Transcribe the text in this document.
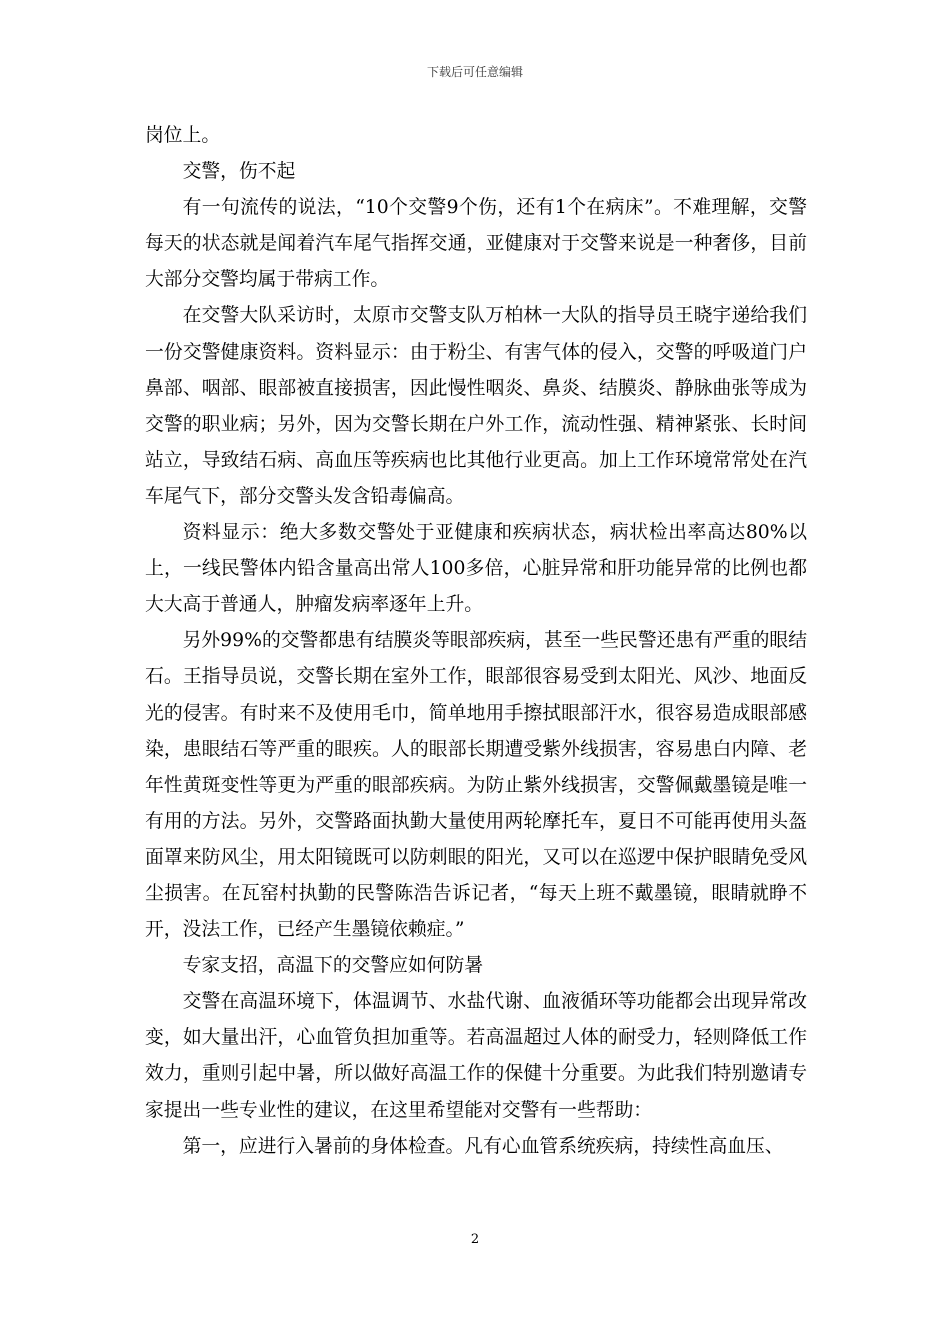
下载后可任意编辑

岗位上。

交警，伤不起

有一句流传的说法，“10个交警9个伤，还有1个在病床”。不难理解，交警每天的状态就是闻着汽车尾气指挥交通，亚健康对于交警来说是一种奢侈，目前大部分交警均属于带病工作。

在交警大队采访时，太原市交警支队万柏林一大队的指导员王晓宇递给我们一份交警健康资料。资料显示：由于粉尘、有害气体的侵入，交警的呼吸道门户鼻部、咽部、眼部被直接损害，因此慢性咽炎、鼻炎、结膜炎、静脉曲张等成为交警的职业病；另外，因为交警长期在户外工作，流动性强、精神紧张、长时间站立，导致结石病、高血压等疾病也比其他行业更高。加上工作环境常常处在汽车尾气下，部分交警头发含铅毒偏高。

资料显示：绝大多数交警处于亚健康和疾病状态，病状检出率高达80%以上，一线民警体内铅含量高出常人100多倍，心脏异常和肝功能异常的比例也都大大高于普通人，肿瘤发病率逐年上升。

另外99%的交警都患有结膜炎等眼部疾病，甚至一些民警还患有严重的眼结石。王指导员说，交警长期在室外工作，眼部很容易受到太阳光、风沙、地面反光的侵害。有时来不及使用毛巾，简单地用手擦拭眼部汗水，很容易造成眼部感染，患眼结石等严重的眼疾。人的眼部长期遭受紫外线损害，容易患白内障、老年性黄斑变性等更为严重的眼部疾病。为防止紫外线损害，交警佩戴墨镜是唯一有用的方法。另外，交警路面执勤大量使用两轮摩托车，夏日不可能再使用头盔面罩来防风尘，用太阳镜既可以防刺眼的阳光，又可以在巡逻中保护眼睛免受风尘损害。在瓦窑村执勤的民警陈浩告诉记者，“每天上班不戴墨镜，眼睛就睁不开，没法工作，已经产生墨镜依赖症。”

专家支招，高温下的交警应如何防暑

交警在高温环境下，体温调节、水盐代谢、血液循环等功能都会出现异常改变，如大量出汗，心血管负担加重等。若高温超过人体的耐受力，轻则降低工作效力，重则引起中暑，所以做好高温工作的保健十分重要。为此我们特别邀请专家提出一些专业性的建议，在这里希望能对交警有一些帮助：

第一，应进行入暑前的身体检查。凡有心血管系统疾病，持续性高血压、

2
